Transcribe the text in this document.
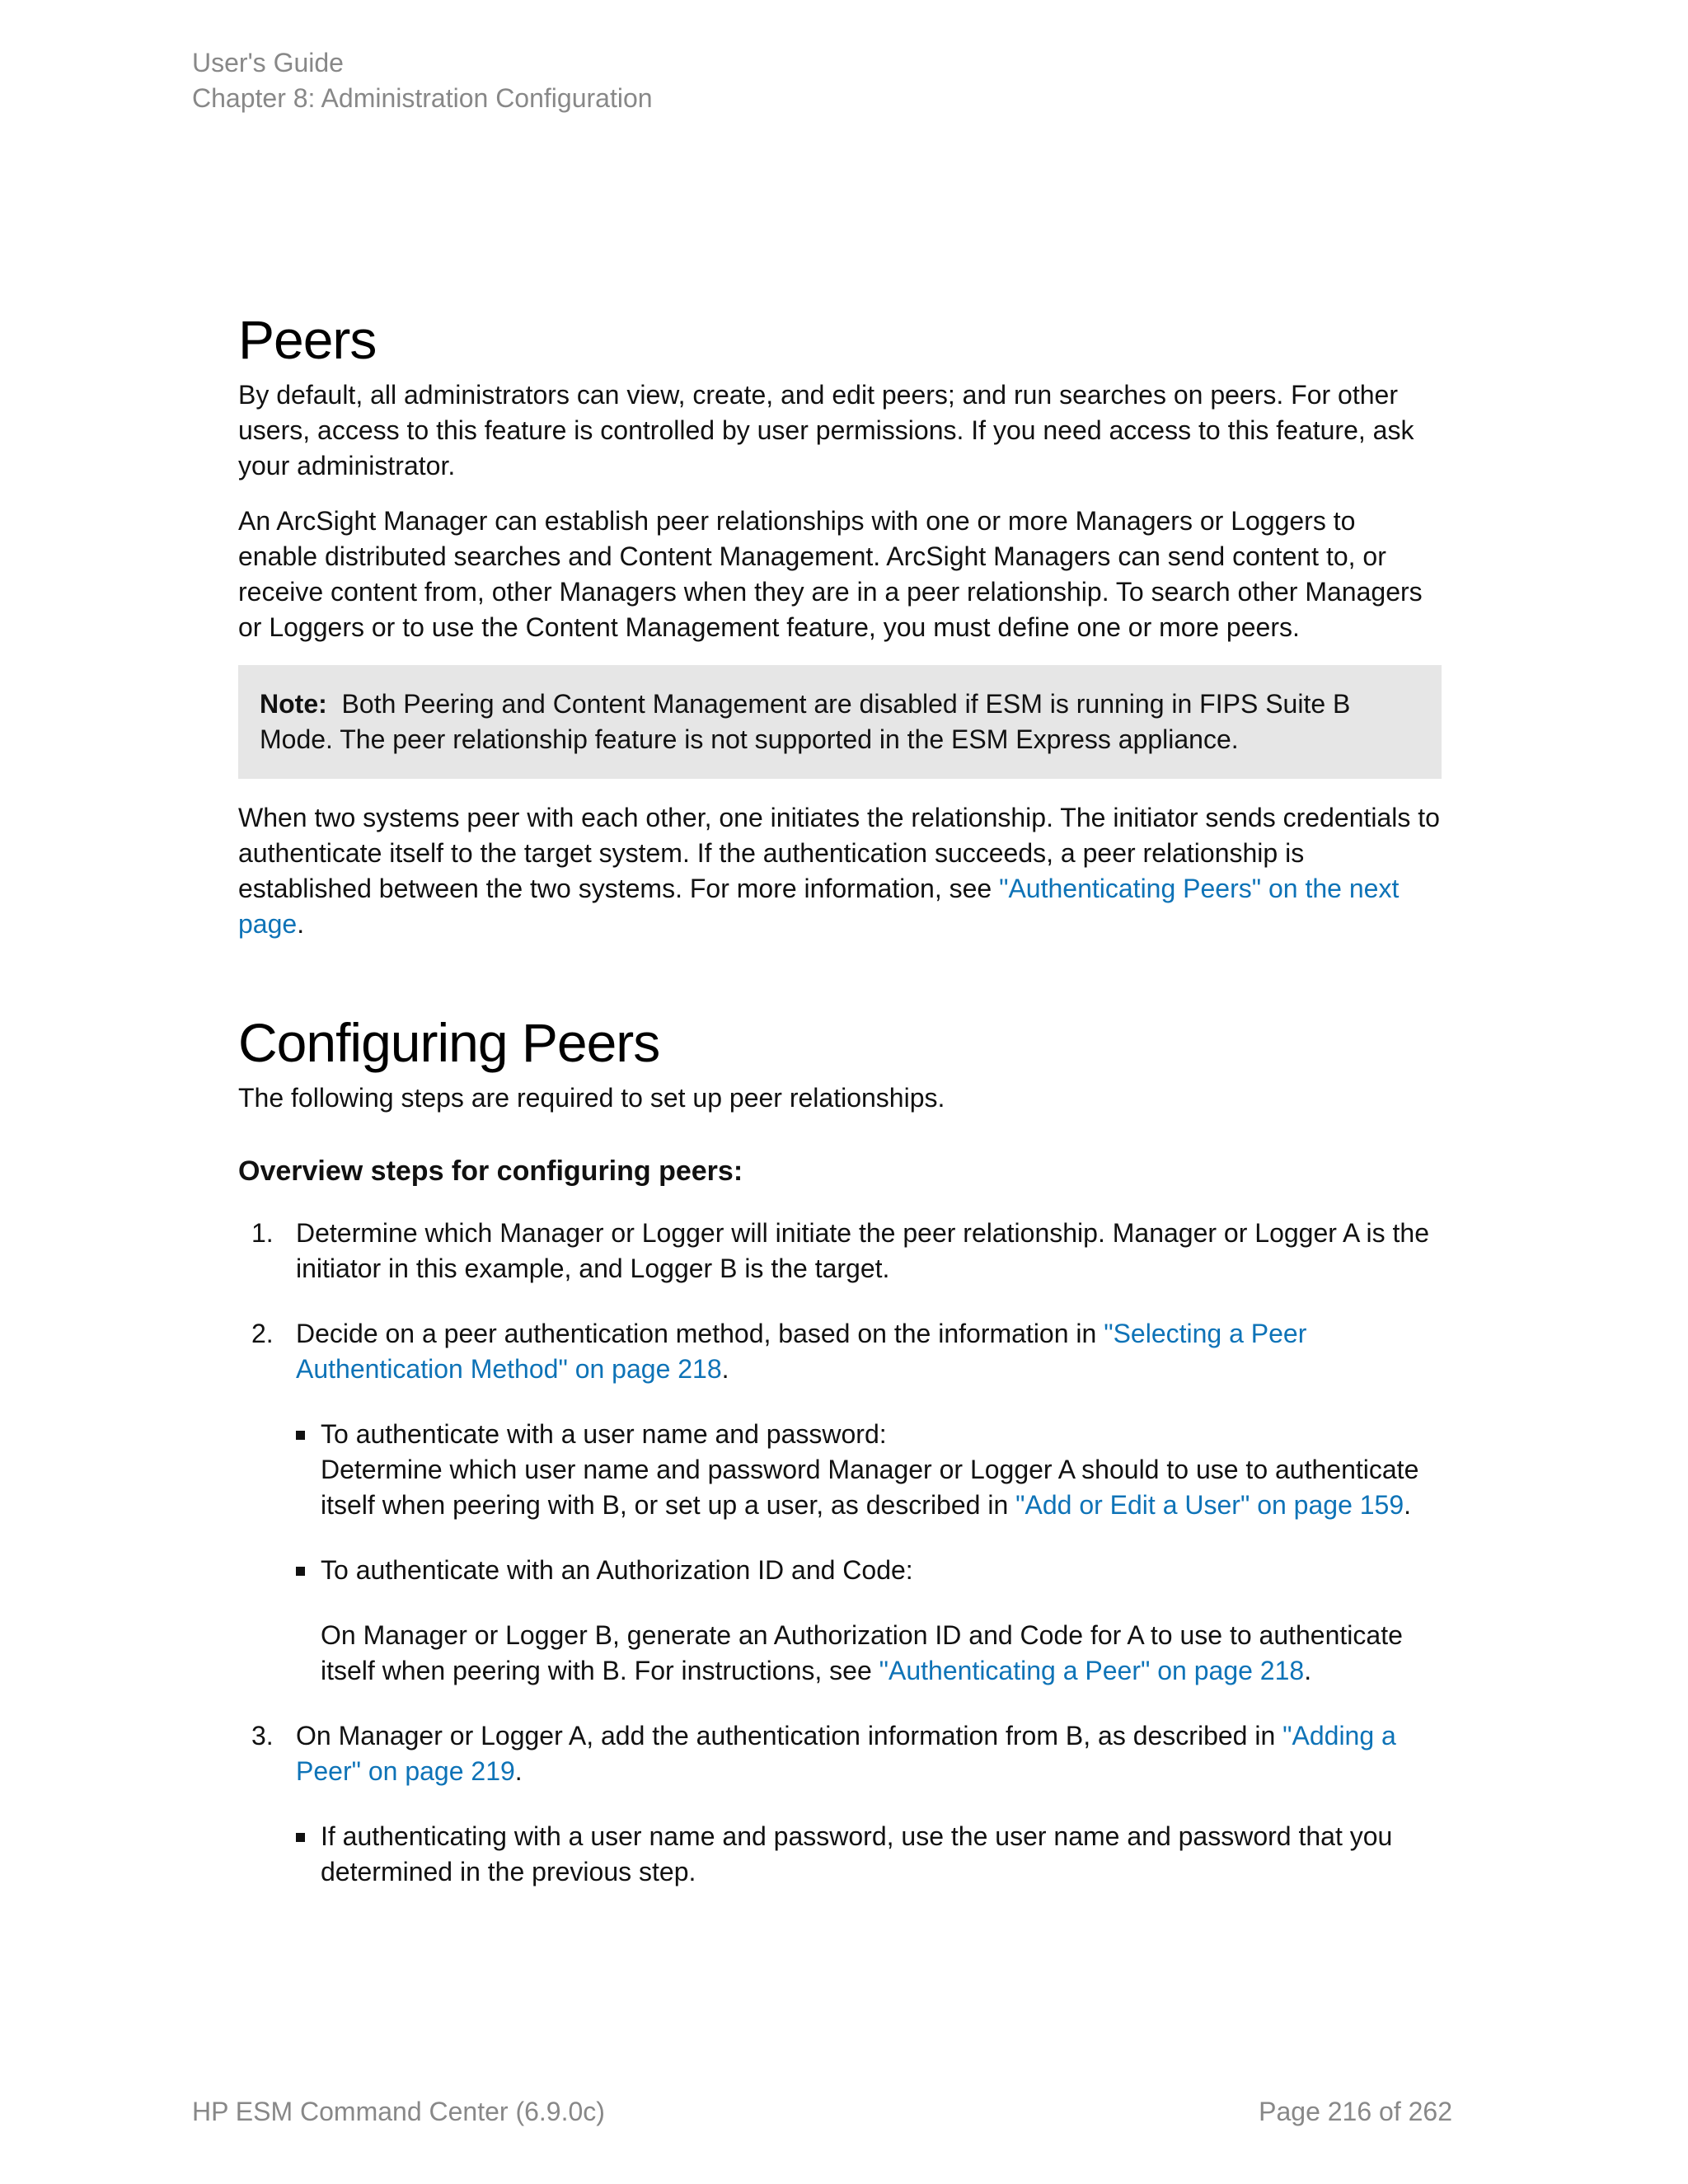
User's Guide
Chapter 8: Administration Configuration
Peers

By default, all administrators can view, create, and edit peers; and run searches on peers. For other users, access to this feature is controlled by user permissions. If you need access to this feature, ask your administrator.

An ArcSight Manager can establish peer relationships with one or more Managers or Loggers to enable distributed searches and Content Management. ArcSight Managers can send content to, or receive content from, other Managers when they are in a peer relationship. To search other Managers or Loggers or to use the Content Management feature, you must define one or more peers.

Note: Both Peering and Content Management are disabled if ESM is running in FIPS Suite B Mode. The peer relationship feature is not supported in the ESM Express appliance.

When two systems peer with each other, one initiates the relationship. The initiator sends credentials to authenticate itself to the target system. If the authentication succeeds, a peer relationship is established between the two systems. For more information, see "Authenticating Peers" on the next page.

Configuring Peers

The following steps are required to set up peer relationships.

Overview steps for configuring peers:
1. Determine which Manager or Logger will initiate the peer relationship. Manager or Logger A is the initiator in this example, and Logger B is the target.
2. Decide on a peer authentication method, based on the information in "Selecting a Peer Authentication Method" on page 218.
To authenticate with a user name and password:
Determine which user name and password Manager or Logger A should to use to authenticate itself when peering with B, or set up a user, as described in "Add or Edit a User" on page 159.
To authenticate with an Authorization ID and Code:
On Manager or Logger B, generate an Authorization ID and Code for A to use to authenticate itself when peering with B. For instructions, see "Authenticating a Peer" on page 218.
3. On Manager or Logger A, add the authentication information from B, as described in "Adding a Peer" on page 219.
If authenticating with a user name and password, use the user name and password that you determined in the previous step.
HP ESM Command Center (6.9.0c)	Page 216 of 262
